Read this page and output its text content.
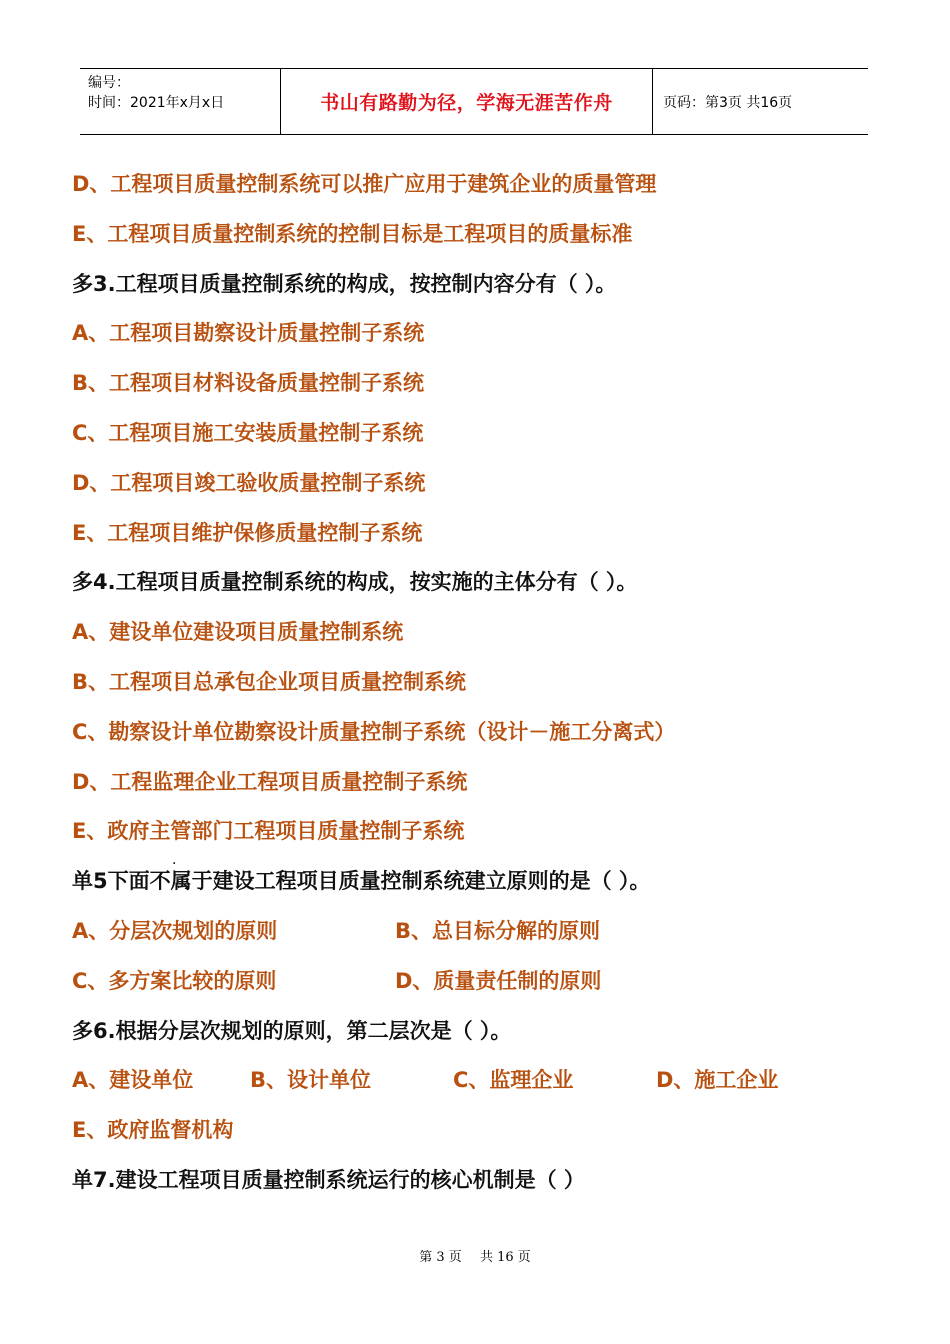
编号：
时间：2021年x月x日	书山有路勤为径，学海无涯苦作舟	页码：第3页 共16页
D、工程项目质量控制系统可以推广应用于建筑企业的质量管理
E、工程项目质量控制系统的控制目标是工程项目的质量标准
多3.工程项目质量控制系统的构成，按控制内容分有（ ）。
A、工程项目勘察设计质量控制子系统
B、工程项目材料设备质量控制子系统
C、工程项目施工安装质量控制子系统
D、工程项目竣工验收质量控制子系统
E、工程项目维护保修质量控制子系统
多4.工程项目质量控制系统的构成，按实施的主体分有（ ）。
A、建设单位建设项目质量控制系统
B、工程项目总承包企业项目质量控制系统
C、勘察设计单位勘察设计质量控制子系统（设计－施工分离式）
D、工程监理企业工程项目质量控制子系统
E、政府主管部门工程项目质量控制子系统
单5下面不属于建设工程项目质量控制系统建立原则的是（ ）。
A、分层次规划的原则	B、总目标分解的原则
C、多方案比较的原则	D、质量责任制的原则
多6.根据分层次规划的原则，第二层次是（ ）。
A、建设单位	B、设计单位	C、监理企业	D、施工企业
E、政府监督机构
单7.建设工程项目质量控制系统运行的核心机制是（ ）
.
第 3 页 共 16 页
